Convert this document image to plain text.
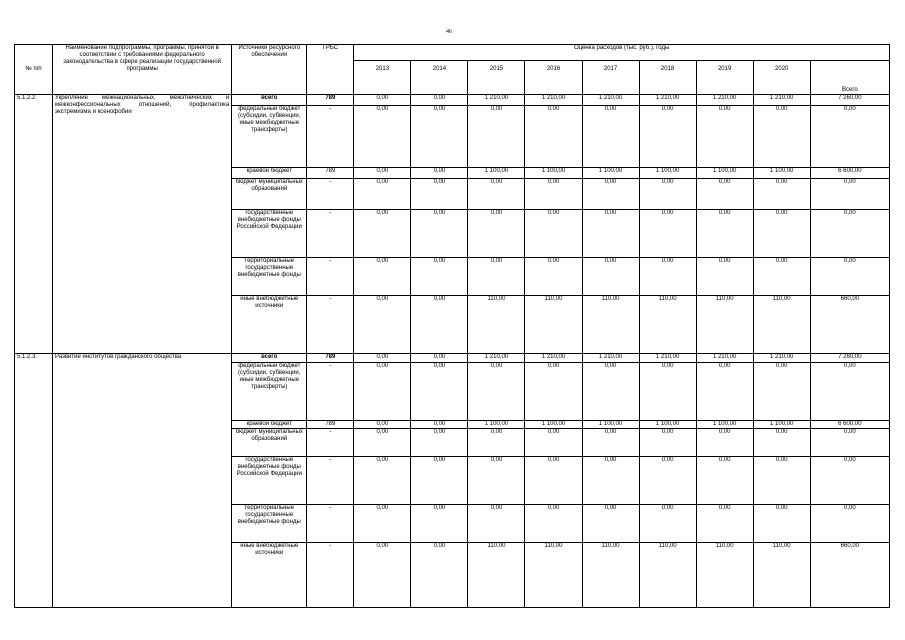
46
№ п/п	Наименование подпрограммы, программы, принятой в соответствии с требованиями федерального законодательства в сфере реализации государственной программы	Источники ресурсного обеспечения	ГРБС	Оценка расходов (тыс. руб.), годы								
				2013	2014	2015	2016	2017	2018	2019	2020	Всего
5.1.2.2.	Укрепление межнациональных, межэтнических и межконфессиональных отношений, профилактика экстремизма и ксенофобии	всего	789	0,00	0,00	1 210,00	1 210,00	1 210,00	1 210,00	1 210,00	1 210,00	7 260,00
		федеральный бюджет (субсидии, субвенции, иные межбюджетные трансферты)	-	0,00	0,00	0,00	0,00	0,00	0,00	0,00	0,00	0,00
		краевой бюджет	789	0,00	0,00	1 100,00	1 100,00	1 100,00	1 100,00	1 100,00	1 100,00	6 600,00
		бюджет муниципальных образований	-	0,00	0,00	0,00	0,00	0,00	0,00	0,00	0,00	0,00
		государственные внебюджетные фонды Российской Федерации	-	0,00	0,00	0,00	0,00	0,00	0,00	0,00	0,00	0,00
		территориальные государственные внебюджетные фонды	-	0,00	0,00	0,00	0,00	0,00	0,00	0,00	0,00	0,00
		иные внебюджетные источники	-	0,00	0,00	110,00	110,00	110,00	110,00	110,00	110,00	660,00
5.1.2.3.	Развитие институтов гражданского общества	всего	789	0,00	0,00	1 210,00	1 210,00	1 210,00	1 210,00	1 210,00	1 210,00	7 260,00
		федеральный бюджет (субсидии, субвенции, иные межбюджетные трансферты)	-	0,00	0,00	0,00	0,00	0,00	0,00	0,00	0,00	0,00
		краевой бюджет	789	0,00	0,00	1 100,00	1 100,00	1 100,00	1 100,00	1 100,00	1 100,00	6 600,00
		бюджет муниципальных образований	-	0,00	0,00	0,00	0,00	0,00	0,00	0,00	0,00	0,00
		государственные внебюджетные фонды Российской Федерации	-	0,00	0,00	0,00	0,00	0,00	0,00	0,00	0,00	0,00
		территориальные государственные внебюджетные фонды	-	0,00	0,00	0,00	0,00	0,00	0,00	0,00	0,00	0,00
		иные внебюджетные источники	-	0,00	0,00	110,00	110,00	110,00	110,00	110,00	110,00	660,00
